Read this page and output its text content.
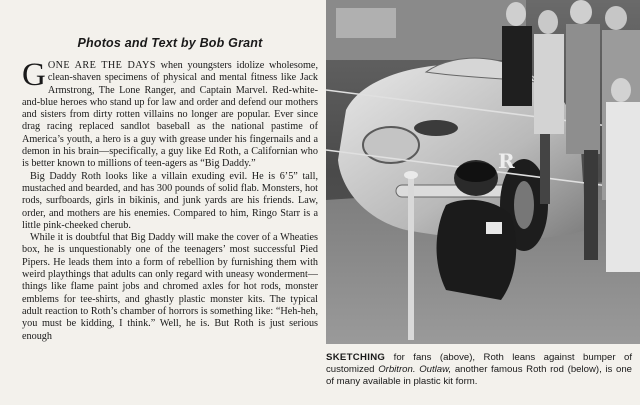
Photos and Text by Bob Grant

GONE ARE THE DAYS when youngsters idolize wholesome, clean-shaven specimens of physical and mental fitness like Jack Armstrong, The Lone Ranger, and Captain Marvel. Red-white-and-blue heroes who stand up for law and order and defend our mothers and sisters from dirty rotten villains no longer are popular. Ever since drag racing replaced sandlot baseball as the national pastime of America’s youth, a hero is a guy with grease under his fingernails and a demon in his brain—specifically, a guy like Ed Roth, a Californian who is better known to millions of teen-agers as “Big Daddy.”

Big Daddy Roth looks like a villain exuding evil. He is 6’5” tall, mustached and bearded, and has 300 pounds of solid flab. Monsters, hot rods, surfboards, girls in bikinis, and junk yards are his friends. Law, order, and mothers are his enemies. Compared to him, Ringo Starr is a little pink-cheeked cherub.

While it is doubtful that Big Daddy will make the cover of a Wheaties box, he is unquestionably one of the teenagers’ most successful Pied Pipers. He leads them into a form of rebellion by furnishing them with weird playthings that adults can only regard with uneasy wonderment—things like flame paint jobs and chromed axles for hot rods, monster emblems for tee-shirts, and ghastly plastic monster kits. The typical adult reaction to Roth’s chamber of horrors is something like: “Heh-heh, you must be kidding, I think.” Well, he is. But Roth is just serious enough

R

SKETCHING for fans (above), Roth leans against bumper of customized Orbitron. Outlaw, another famous Roth rod (below), is one of many available in plastic kit form.
